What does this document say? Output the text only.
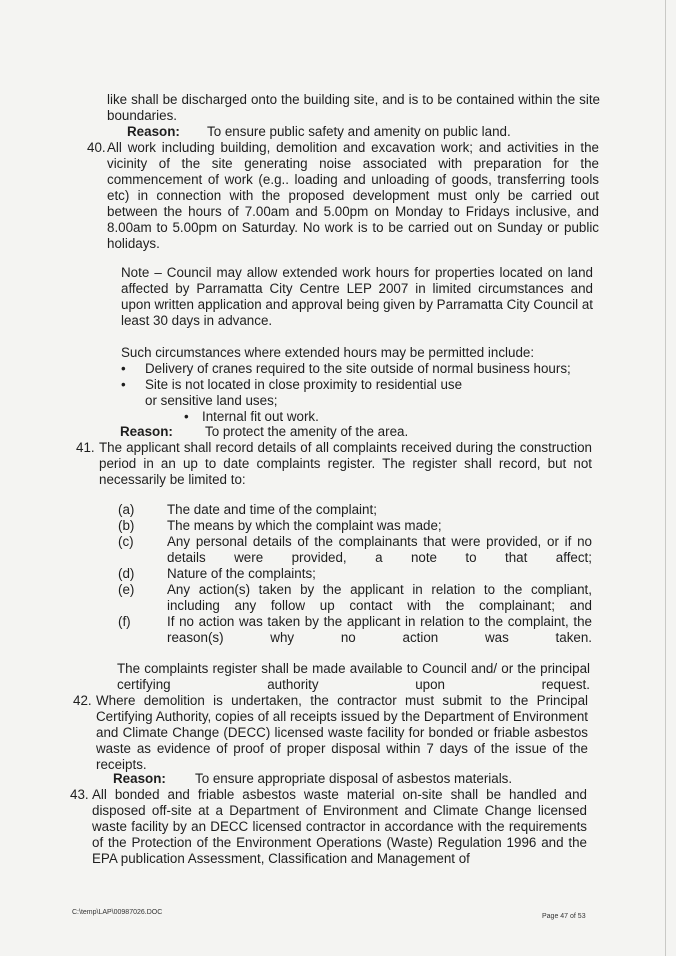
like shall be discharged onto the building site, and is to be contained within the site boundaries.
Reason: To ensure public safety and amenity on public land.
40. All work including building, demolition and excavation work; and activities in the vicinity of the site generating noise associated with preparation for the commencement of work (e.g.. loading and unloading of goods, transferring tools etc) in connection with the proposed development must only be carried out between the hours of 7.00am and 5.00pm on Monday to Fridays inclusive, and 8.00am to 5.00pm on Saturday. No work is to be carried out on Sunday or public holidays.
Note – Council may allow extended work hours for properties located on land affected by Parramatta City Centre LEP 2007 in limited circumstances and upon written application and approval being given by Parramatta City Council at least 30 days in advance.
Such circumstances where extended hours may be permitted include:
• Delivery of cranes required to the site outside of normal business hours;
• Site is not located in close proximity to residential use or sensitive land uses;
• Internal fit out work.
Reason: To protect the amenity of the area.
41. The applicant shall record details of all complaints received during the construction period in an up to date complaints register. The register shall record, but not necessarily be limited to:
(a) The date and time of the complaint;
(b) The means by which the complaint was made;
(c) Any personal details of the complainants that were provided, or if no details were provided, a note to that affect;
(d) Nature of the complaints;
(e) Any action(s) taken by the applicant in relation to the compliant, including any follow up contact with the complainant; and
(f)	If no action was taken by the applicant in relation to the complaint, the reason(s) why no action was taken.
The complaints register shall be made available to Council and/ or the principal certifying authority upon request.
42. Where demolition is undertaken, the contractor must submit to the Principal Certifying Authority, copies of all receipts issued by the Department of Environment and Climate Change (DECC) licensed waste facility for bonded or friable asbestos waste as evidence of proof of proper disposal within 7 days of the issue of the receipts.
Reason: To ensure appropriate disposal of asbestos materials.
43. All bonded and friable asbestos waste material on-site shall be handled and disposed off-site at a Department of Environment and Climate Change licensed waste facility by an DECC licensed contractor in accordance with the requirements of the Protection of the Environment Operations (Waste) Regulation 1996 and the EPA publication Assessment, Classification and Management of
C:\temp\LAP\00987026.DOC
Page 47 of 53
